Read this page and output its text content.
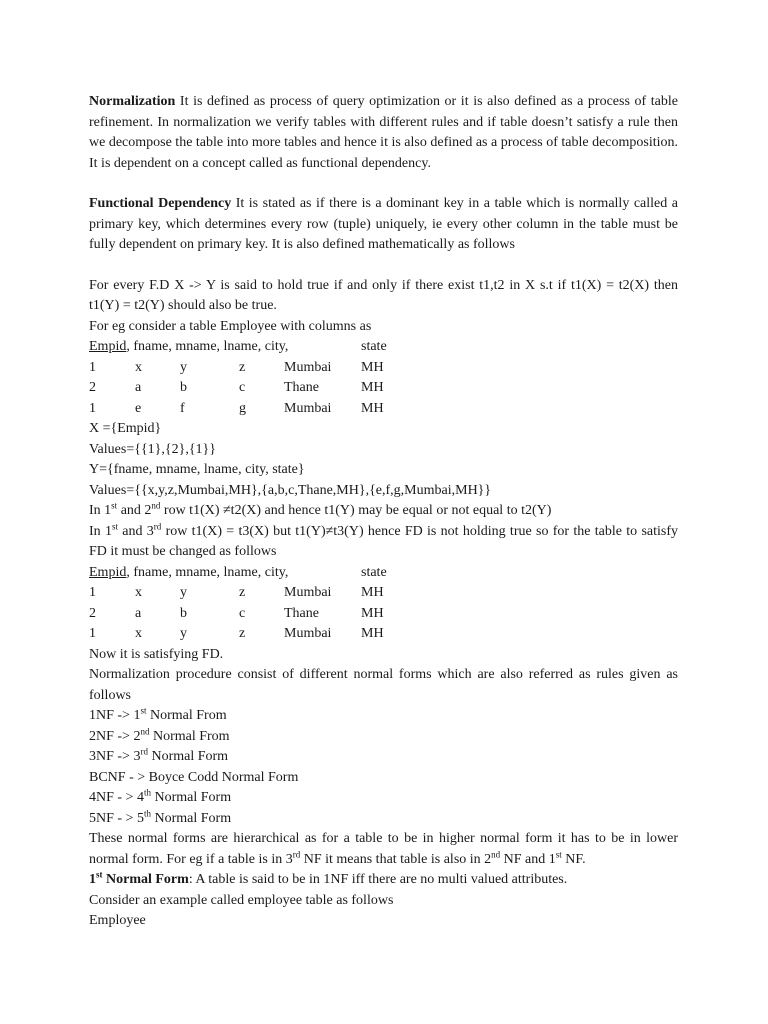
Normalization It is defined as process of query optimization or it is also defined as a process of table refinement. In normalization we verify tables with different rules and if table doesn’t satisfy a rule then we decompose the table into more tables and hence it is also defined as a process of table decomposition. It is dependent on a concept called as functional dependency.

Functional Dependency It is stated as if there is a dominant key in a table which is normally called a primary key, which determines every row (tuple) uniquely, ie every other column in the table must be fully dependent on primary key. It is also defined mathematically as follows

For every F.D X -> Y is said to hold true if and only if there exist t1,t2 in X s.t if t1(X) = t2(X) then t1(Y) = t2(Y) should also be true.

For eg consider a table Employee with columns as

Empid, fname, mname, lname, city,	state
1	x	y	z	Mumbai MH
2	a	b	c	Thane	MH
1	e	f	g	Mumbai MH

X ={Empid}

Values={{1},{2},{1}}

Y={fname, mname, lname, city, state}

Values={{x,y,z,Mumbai,MH},{a,b,c,Thane,MH},{e,f,g,Mumbai,MH}}

In 1st and 2nd row t1(X) ≠t2(X) and hence t1(Y) may be equal or not equal to t2(Y)

In 1st and 3rd row t1(X) = t3(X) but t1(Y)≠t3(Y) hence FD is not holding true so for the table to satisfy FD it must be changed as follows

Empid, fname, mname, lname, city,	state
1	x	y	z	Mumbai MH
2	a	b	c	Thane	MH
1	x	y	z	Mumbai MH

Now it is satisfying FD.

Normalization procedure consist of different normal forms which are also referred as rules given as follows

1NF -> 1st Normal From

2NF -> 2nd Normal From

3NF -> 3rd Normal Form

BCNF - > Boyce Codd Normal Form

4NF - > 4th Normal Form

5NF - > 5th Normal Form

These normal forms are hierarchical as for a table to be in higher normal form it has to be in lower normal form. For eg if a table is in 3rd NF it means that table is also in 2nd NF and 1st NF.

1st Normal Form: A table is said to be in 1NF iff there are no multi valued attributes.

Consider an example called employee table as follows

Employee
